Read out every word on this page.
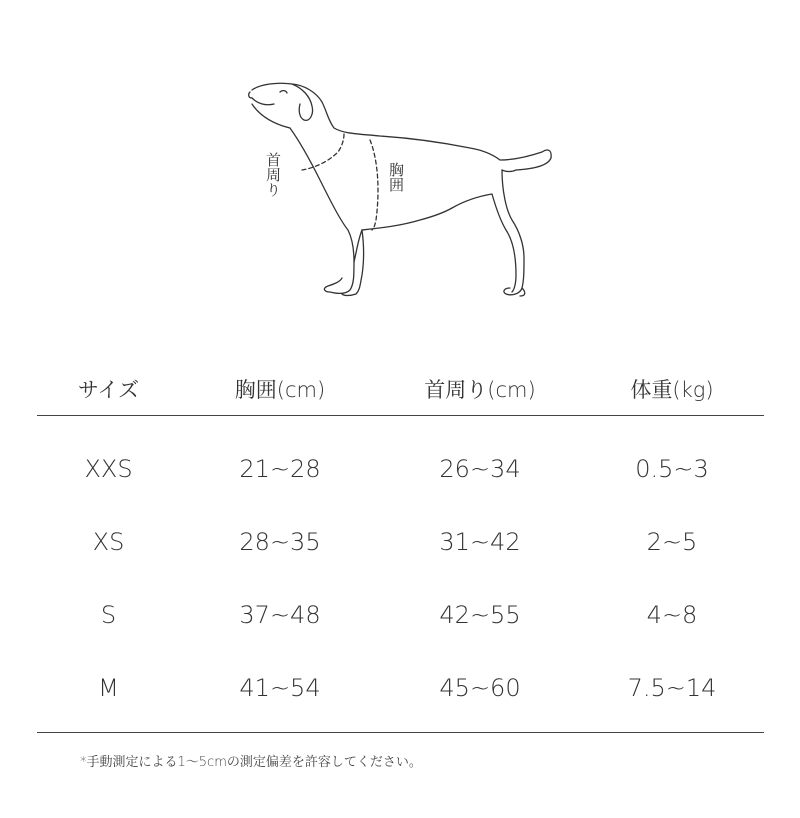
首周り	胸囲
サイズ	胸囲(cm)	首周り(cm)	体重(kg)
XXS	21~28	26~34	0.5~3
XS	28~35	31~42	2~5
S	37~48	42~55	4~8
M	41~54	45~60	7.5~14
*手動測定による1～5cmの測定偏差を許容してください。
